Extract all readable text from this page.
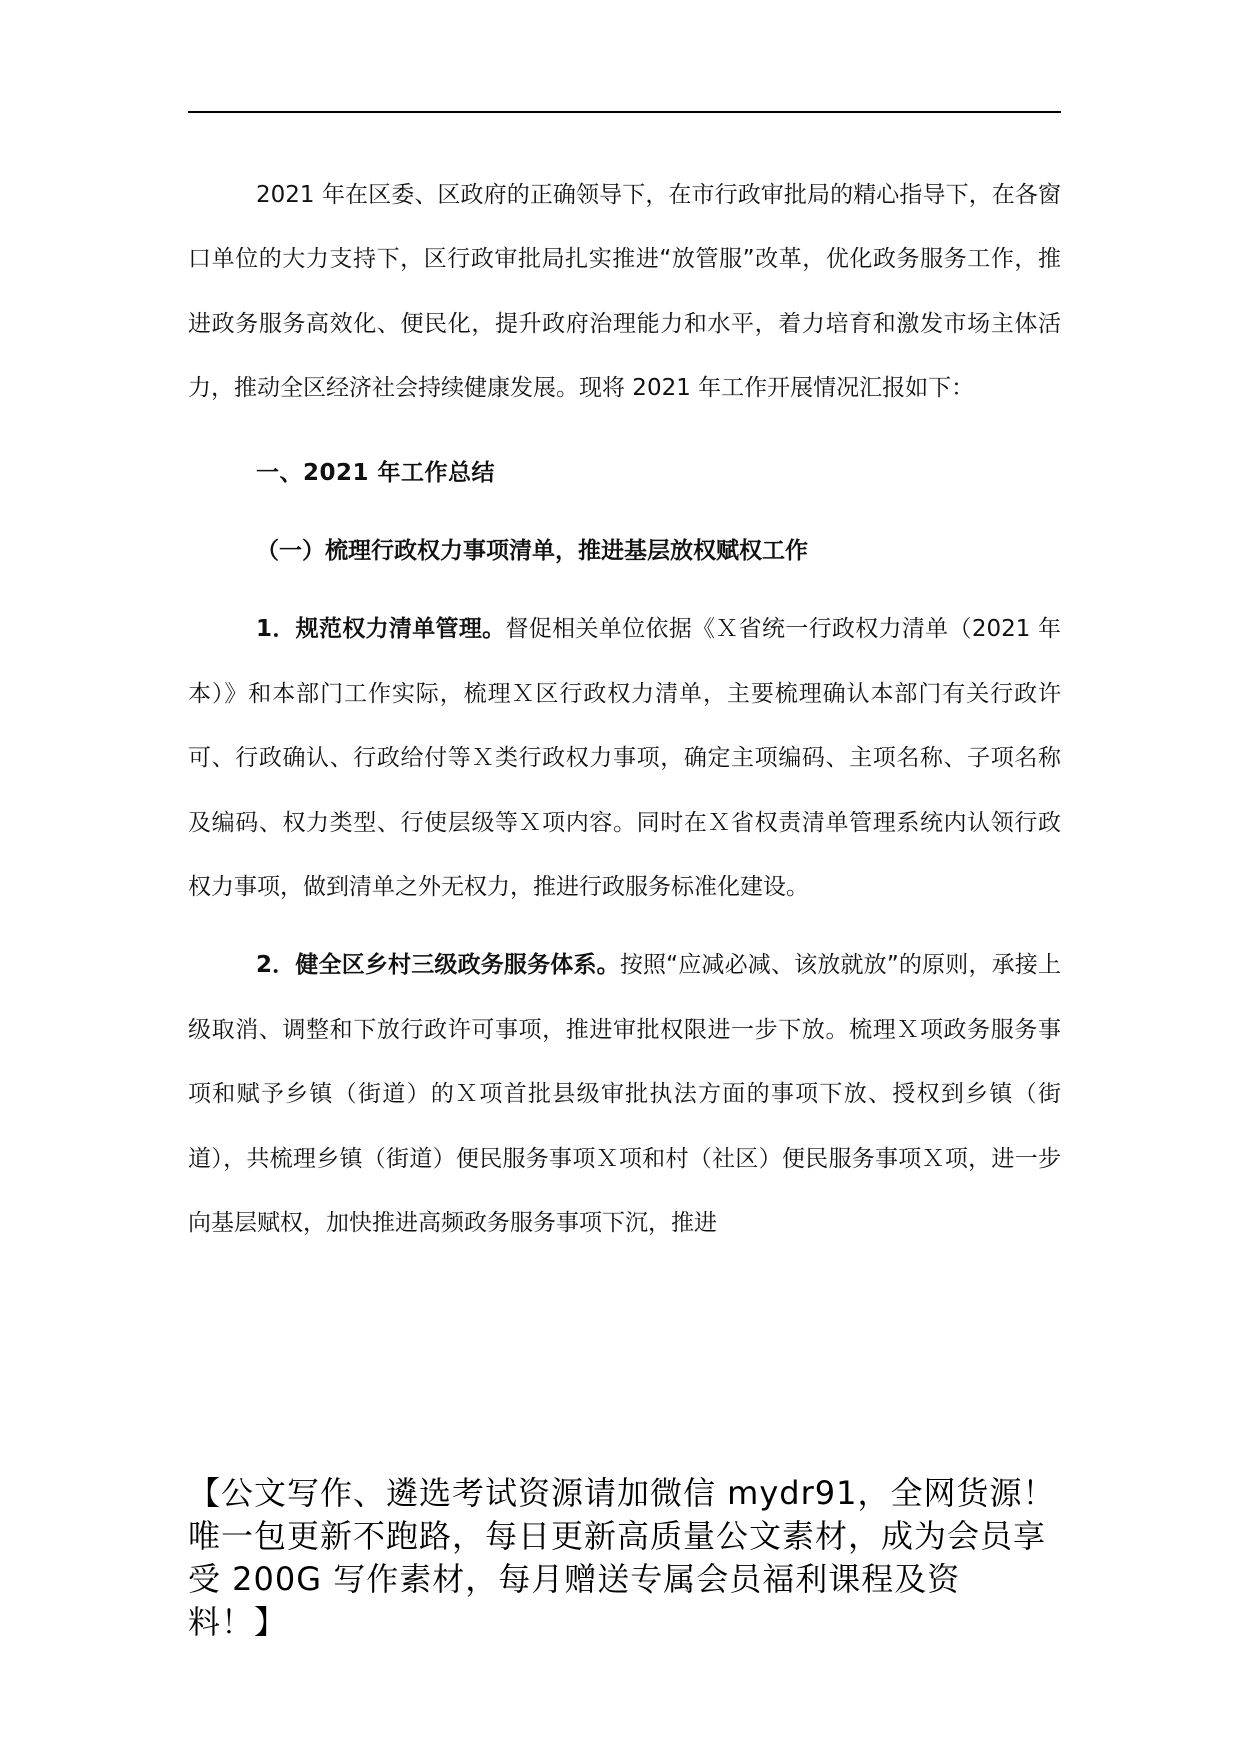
2021 年在区委、区政府的正确领导下，在市行政审批局的精心指导下，在各窗口单位的大力支持下，区行政审批局扎实推进“放管服”改革，优化政务服务工作，推进政务服务高效化、便民化，提升政府治理能力和水平，着力培育和激发市场主体活力，推动全区经济社会持续健康发展。现将 2021 年工作开展情况汇报如下：

一、2021 年工作总结

（一）梳理行政权力事项清单，推进基层放权赋权工作

1．规范权力清单管理。督促相关单位依据《Ｘ省统一行政权力清单（2021 年本）》和本部门工作实际，梳理Ｘ区行政权力清单，主要梳理确认本部门有关行政许可、行政确认、行政给付等Ｘ类行政权力事项，确定主项编码、主项名称、子项名称及编码、权力类型、行使层级等Ｘ项内容。同时在Ｘ省权责清单管理系统内认领行政权力事项，做到清单之外无权力，推进行政服务标准化建设。

2．健全区乡村三级政务服务体系。按照“应减必减、该放就放”的原则，承接上级取消、调整和下放行政许可事项，推进审批权限进一步下放。梳理Ｘ项政务服务事项和赋予乡镇（街道）的Ｘ项首批县级审批执法方面的事项下放、授权到乡镇（街道），共梳理乡镇（街道）便民服务事项Ｘ项和村（社区）便民服务事项Ｘ项，进一步向基层赋权，加快推进高频政务服务事项下沉，推进

【公文写作、遴选考试资源请加微信 mydr91，全网货源！

唯一包更新不跑路，每日更新高质量公文素材，成为会员享

受 200G 写作素材，每月赠送专属会员福利课程及资

料！】
